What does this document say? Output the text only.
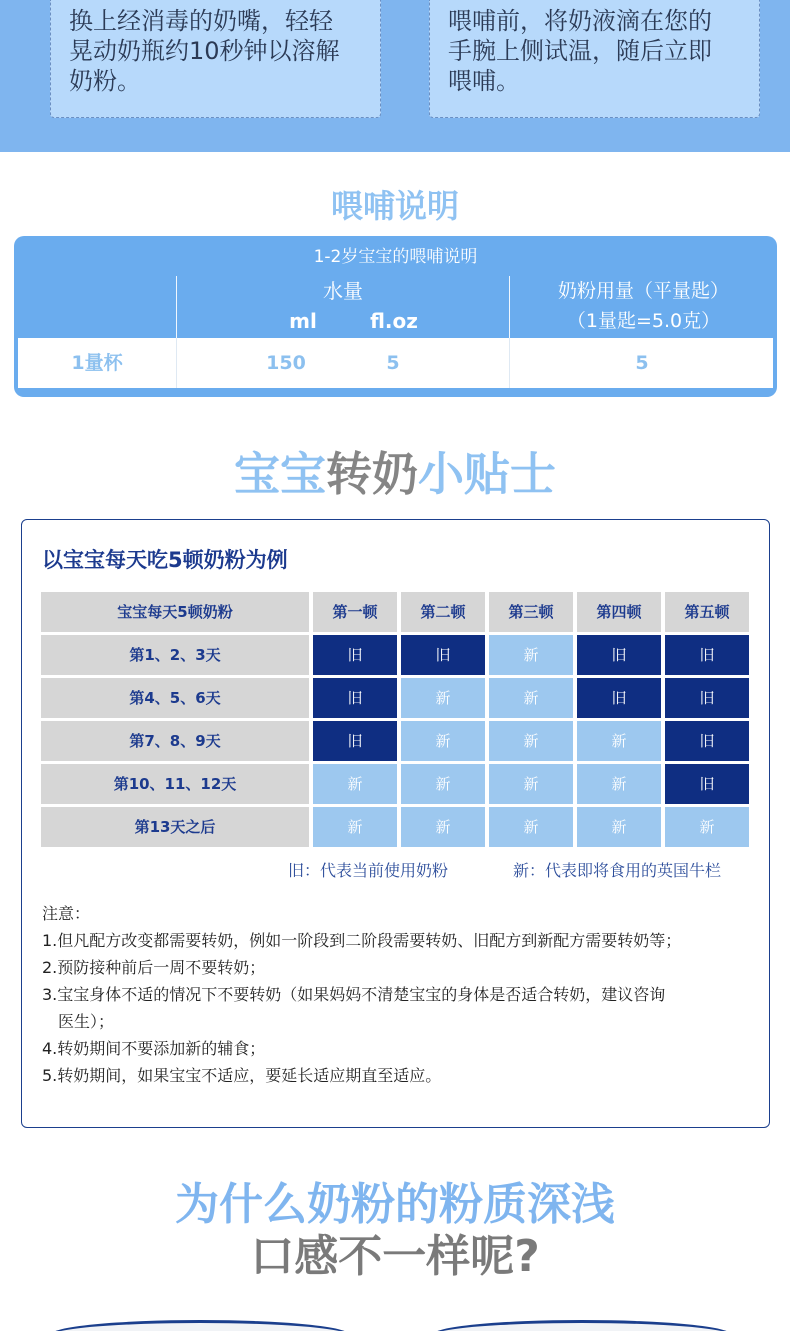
换上经消毒的奶嘴，轻轻
晃动奶瓶约10秒钟以溶解
奶粉。
喂哺前，将奶液滴在您的
手腕上侧试温，随后立即
喂哺。
喂哺说明
1-2岁宝宝的喂哺说明
水量
ml	fl.oz
奶粉用量（平量匙）
（1量匙=5.0克）
1量杯	150	5	5
宝宝转奶小贴士
以宝宝每天吃5顿奶粉为例
宝宝每天5顿奶粉	第一顿	第二顿	第三顿	第四顿	第五顿
第1、2、3天	旧	旧	新	旧	旧
第4、5、6天	旧	新	新	旧	旧
第7、8、9天	旧	新	新	新	旧
第10、11、12天	新	新	新	新	旧
第13天之后	新	新	新	新	新
旧：代表当前使用奶粉	新：代表即将食用的英国牛栏
注意：
1.但凡配方改变都需要转奶，例如一阶段到二阶段需要转奶、旧配方到新配方需要转奶等；
2.预防接种前后一周不要转奶；
3.宝宝身体不适的情况下不要转奶（如果妈妈不清楚宝宝的身体是否适合转奶，建议咨询
医生）；
4.转奶期间不要添加新的辅食；
5.转奶期间，如果宝宝不适应，要延长适应期直至适应。
为什么奶粉的粉质深浅
口感不一样呢?
